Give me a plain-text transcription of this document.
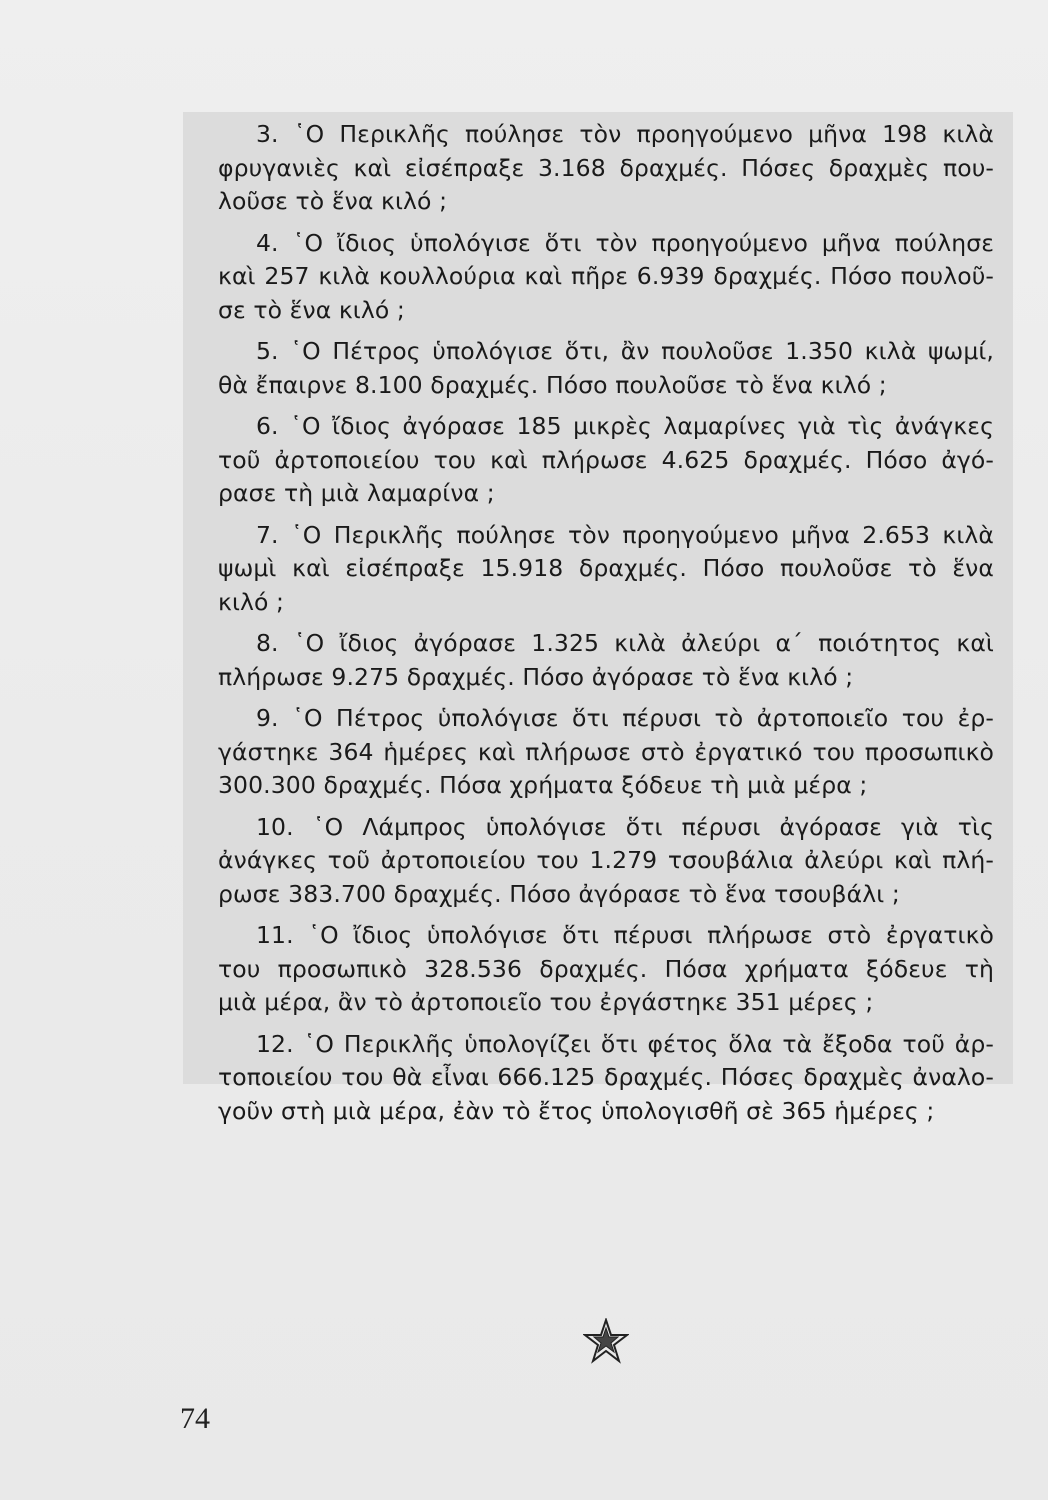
3. ῾Ο Περικλῆς πούλησε τὸν προηγούμενο μῆνα 198 κιλὰ
φρυγανιὲς καὶ εἰσέπραξε 3.168 δραχμές. Πόσες δραχμὲς που-
λοῦσε τὸ ἕνα κιλό ;
4. ῾Ο ἴδιος ὑπολόγισε ὅτι τὸν προηγούμενο μῆνα πούλησε
καὶ 257 κιλὰ κουλλούρια καὶ πῆρε 6.939 δραχμές. Πόσο πουλοῦ-
σε τὸ ἕνα κιλό ;
5. ῾Ο Πέτρος ὑπολόγισε ὅτι, ἂν πουλοῦσε 1.350 κιλὰ ψωμί,
θὰ ἔπαιρνε 8.100 δραχμές. Πόσο πουλοῦσε τὸ ἕνα κιλό ;
6. ῾Ο ἴδιος ἀγόρασε 185 μικρὲς λαμαρίνες γιὰ τὶς ἀνάγκες
τοῦ ἀρτοποιείου του καὶ πλήρωσε 4.625 δραχμές. Πόσο ἀγό-
ρασε τὴ μιὰ λαμαρίνα ;
7. ῾Ο Περικλῆς πούλησε τὸν προηγούμενο μῆνα 2.653 κιλὰ
ψωμὶ καὶ εἰσέπραξε 15.918 δραχμές. Πόσο πουλοῦσε τὸ ἕνα
κιλό ;
8. ῾Ο ἴδιος ἀγόρασε 1.325 κιλὰ ἀλεύρι α΄ ποιότητος καὶ
πλήρωσε 9.275 δραχμές. Πόσο ἀγόρασε τὸ ἕνα κιλό ;
9. ῾Ο Πέτρος ὑπολόγισε ὅτι πέρυσι τὸ ἀρτοποιεῖο του ἐρ-
γάστηκε 364 ἡμέρες καὶ πλήρωσε στὸ ἐργατικό του προσωπικὸ
300.300 δραχμές. Πόσα χρήματα ξόδευε τὴ μιὰ μέρα ;
10. ῾Ο Λάμπρος ὑπολόγισε ὅτι πέρυσι ἀγόρασε γιὰ τὶς
ἀνάγκες τοῦ ἀρτοποιείου του 1.279 τσουβάλια ἀλεύρι καὶ πλή-
ρωσε 383.700 δραχμές. Πόσο ἀγόρασε τὸ ἕνα τσουβάλι ;
11. ῾Ο ἴδιος ὑπολόγισε ὅτι πέρυσι πλήρωσε στὸ ἐργατικὸ
του προσωπικὸ 328.536 δραχμές. Πόσα χρήματα ξόδευε τὴ
μιὰ μέρα, ἂν τὸ ἀρτοποιεῖο του ἐργάστηκε 351 μέρες ;
12. ῾Ο Περικλῆς ὑπολογίζει ὅτι φέτος ὅλα τὰ ἔξοδα τοῦ ἀρ-
τοποιείου του θὰ εἶναι 666.125 δραχμές. Πόσες δραχμὲς ἀναλο-
γοῦν στὴ μιὰ μέρα, ἐὰν τὸ ἔτος ὑπολογισθῆ σὲ 365 ἡμέρες ;
74
